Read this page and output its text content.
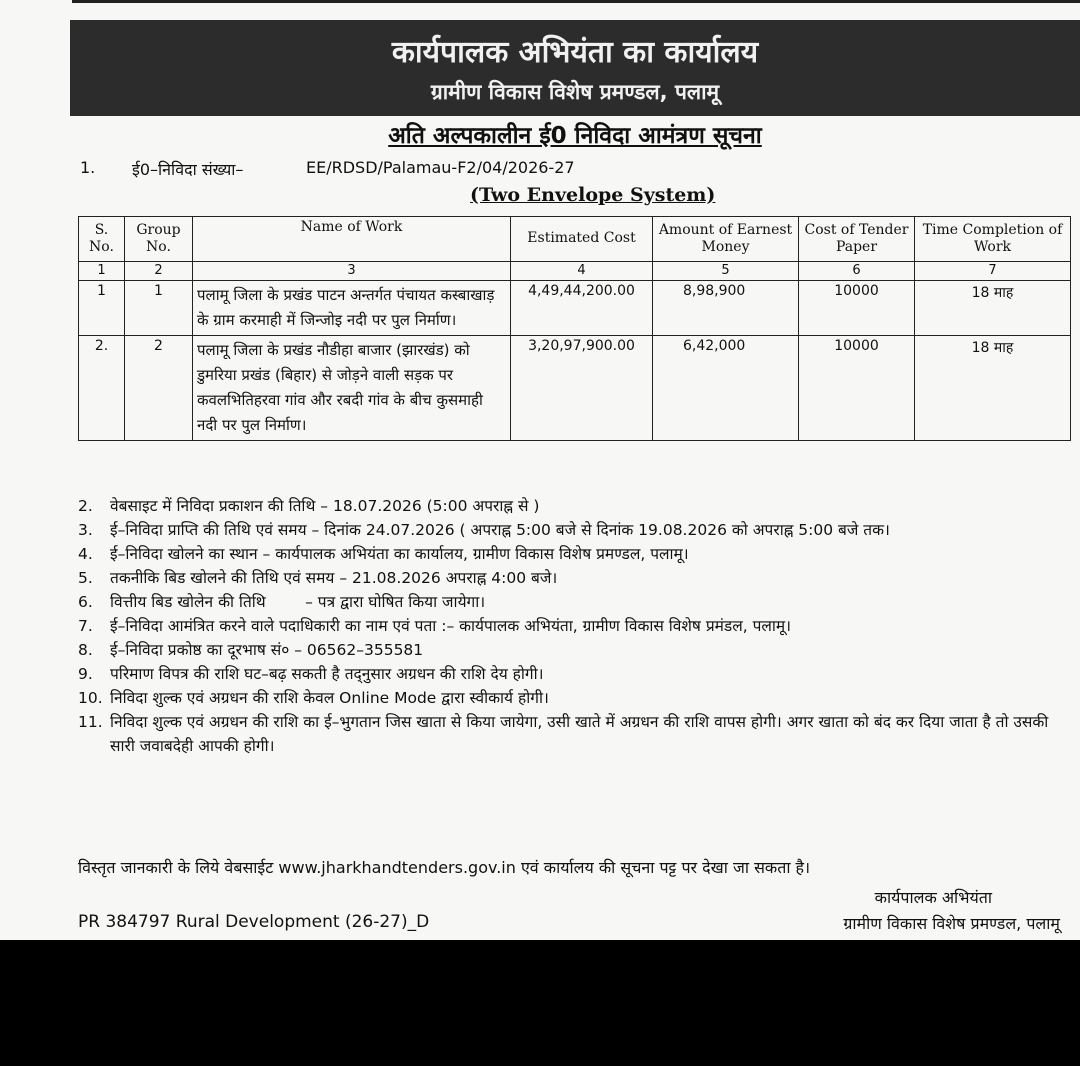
कार्यपालक अभियंता का कार्यालय
ग्रामीण विकास विशेष प्रमण्डल, पलामू
अति अल्पकालीन ई0 निविदा आमंत्रण सूचना
1. ई0–निविदा संख्या–	EE/RDSD/Palamau-F2/04/2026-27
(Two Envelope System)
S. No.	Group No.	Name of Work	Estimated Cost	Amount of Earnest Money	Cost of Tender Paper	Time Completion of Work
1	2	3	4	5	6	7
1	1	पलामू जिला के प्रखंड पाटन अन्तर्गत पंचायत कस्बाखाड़ के ग्राम करमाही में जिन्जोइ नदी पर पुल निर्माण।	4,49,44,200.00	8,98,900	10000	18 माह
2.	2	पलामू जिला के प्रखंड नौडीहा बाजार (झारखंड) को डुमरिया प्रखंड (बिहार) से जोड़ने वाली सड़क पर कवलभितिहरवा गांव और रबदी गांव के बीच कुसमाही नदी पर पुल निर्माण।	3,20,97,900.00	6,42,000	10000	18 माह
2.	वेबसाइट में निविदा प्रकाशन की तिथि – 18.07.2026 (5:00 अपराह्न से )
3.	ई–निविदा प्राप्ति की तिथि एवं समय – दिनांक 24.07.2026 ( अपराह्न 5:00 बजे से दिनांक 19.08.2026 को अपराह्न 5:00 बजे तक।
4.	ई–निविदा खोलने का स्थान – कार्यपालक अभियंता का कार्यालय, ग्रामीण विकास विशेष प्रमण्डल, पलामू।
5.	तकनीकि बिड खोलने की तिथि एवं समय – 21.08.2026 अपराह्न 4:00 बजे।
6.	वित्तीय बिड खोलेन की तिथि        – पत्र द्वारा घोषित किया जायेगा।
7.	ई–निविदा आमंत्रित करने वाले पदाधिकारी का नाम एवं पता :– कार्यपालक अभियंता, ग्रामीण विकास विशेष प्रमंडल, पलामू।
8.	ई–निविदा प्रकोष्ठ का दूरभाष सं० – 06562–355581
9.	परिमाण विपत्र की राशि घट–बढ़ सकती है तद्नुसार अग्रधन की राशि देय होगी।
10. निविदा शुल्क एवं अग्रधन की राशि केवल Online Mode द्वारा स्वीकार्य होगी।
11. निविदा शुल्क एवं अग्रधन की राशि का ई–भुगतान जिस खाता से किया जायेगा, उसी खाते में अग्रधन की राशि वापस होगी। अगर खाता को बंद कर दिया जाता है तो उसकी सारी जवाबदेही आपकी होगी।
विस्तृत जानकारी के लिये वेबसाईट www.jharkhandtenders.gov.in एवं कार्यालय की सूचना पट्ट पर देखा जा सकता है।
कार्यपालक अभियंता
PR 384797 Rural Development (26-27)_D	ग्रामीण विकास विशेष प्रमण्डल, पलामू
